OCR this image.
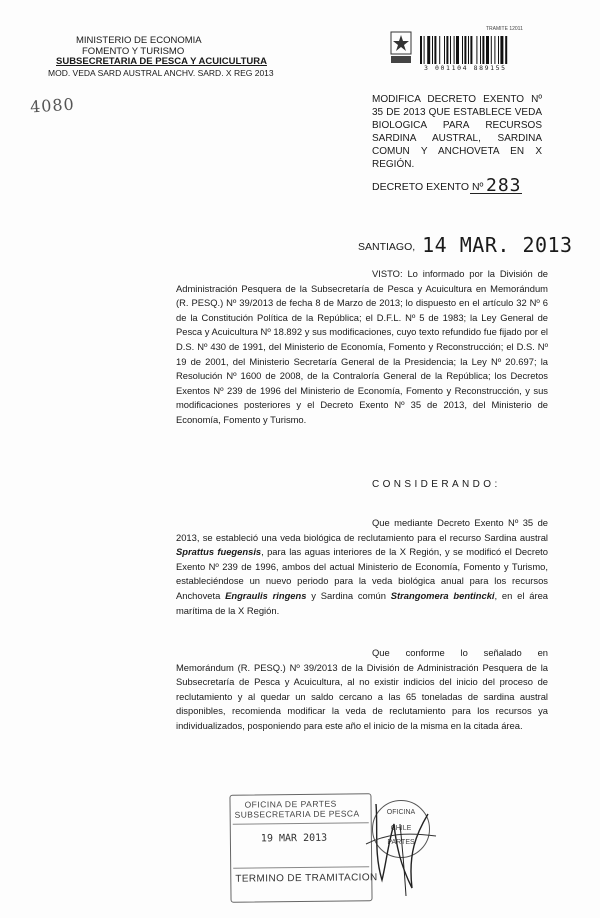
MINISTERIO DE ECONOMIA
FOMENTO Y TURISMO
SUBSECRETARIA DE PESCA Y ACUICULTURA
MOD. VEDA SARD AUSTRAL ANCHV. SARD. X REG 2013
4080
TRAMITE 12011
3 001104 889155
MODIFICA DECRETO EXENTO Nº 35 DE 2013 QUE ESTABLECE VEDA BIOLOGICA PARA RECURSOS SARDINA AUSTRAL, SARDINA COMUN Y ANCHOVETA EN X REGIÓN.
DECRETO EXENTO Nº 283
SANTIAGO, 14 MAR. 2013
VISTO: Lo informado por la División de Administración Pesquera de la Subsecretaría de Pesca y Acuicultura en Memorándum (R. PESQ.) Nº 39/2013 de fecha 8 de Marzo de 2013; lo dispuesto en el artículo 32 Nº 6 de la Constitución Política de la República; el D.F.L. Nº 5 de 1983; la Ley General de Pesca y Acuicultura Nº 18.892 y sus modificaciones, cuyo texto refundido fue fijado por el D.S. Nº 430 de 1991, del Ministerio de Economía, Fomento y Reconstrucción; el D.S. Nº 19 de 2001, del Ministerio Secretaría General de la Presidencia; la Ley Nº 20.697; la Resolución Nº 1600 de 2008, de la Contraloría General de la República; los Decretos Exentos Nº 239 de 1996 del Ministerio de Economía, Fomento y Reconstrucción, y sus modificaciones posteriores y el Decreto Exento Nº 35 de 2013, del Ministerio de Economía, Fomento y Turismo.
CONSIDERANDO:
Que mediante Decreto Exento Nº 35 de 2013, se estableció una veda biológica de reclutamiento para el recurso Sardina austral Sprattus fuegensis, para las aguas interiores de la X Región, y se modificó el Decreto Exento Nº 239 de 1996, ambos del actual Ministerio de Economía, Fomento y Turismo, estableciéndose un nuevo periodo para la veda biológica anual para los recursos Anchoveta Engraulis ringens y Sardina común Strangomera bentincki, en el área marítima de la X Región.
Que conforme lo señalado en Memorándum (R. PESQ.) Nº 39/2013 de la División de Administración Pesquera de la Subsecretaría de Pesca y Acuicultura, al no existir indicios del inicio del proceso de reclutamiento y al quedar un saldo cercano a las 65 toneladas de sardina austral disponibles, recomienda modificar la veda de reclutamiento para los recursos ya individualizados, posponiendo para este año el inicio de la misma en la citada área.
OFICINA DE PARTES
SUBSECRETARIA DE PESCA
19 MAR 2013
TERMINO DE TRAMITACION
OFICINA
CHILE
PARTES
